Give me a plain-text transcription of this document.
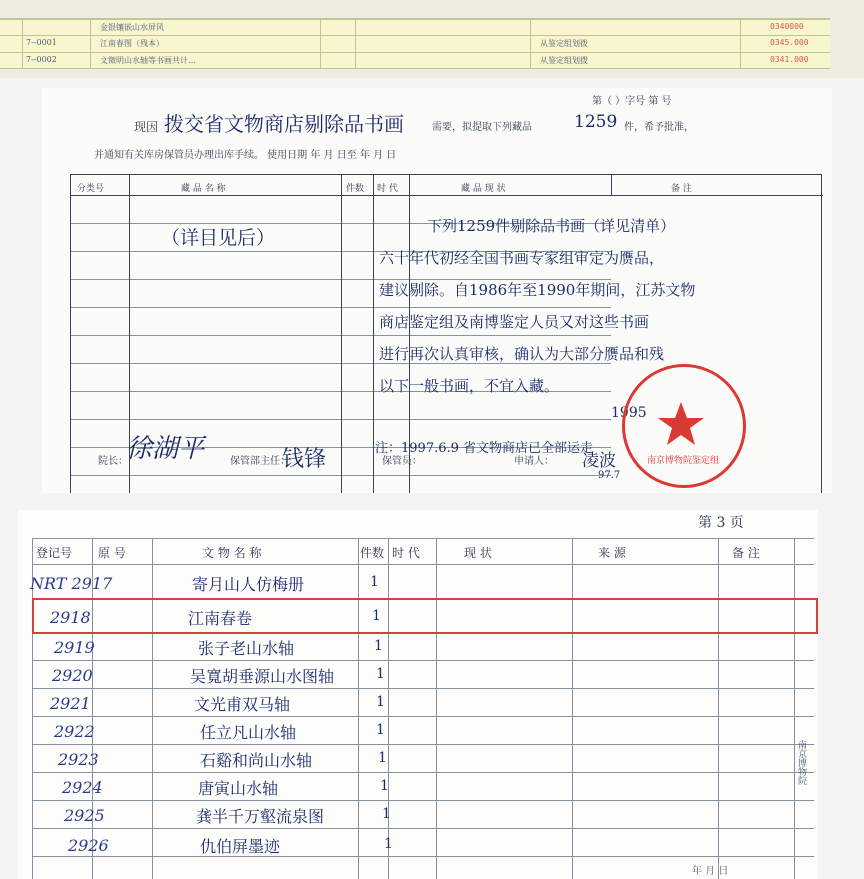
金银镶嵌山水屏风	0340000
7--0001	江南春图（残本）	从鉴定组划拨	0345.000
7--0002	文徵明山水轴等书画共计…	从鉴定组划拨	0341.000
第（ ）字号 第 号
现因 拨交省文物商店剔除品书画	需要，拟提取下列藏品 1259 件，希予批准，
并通知有关库房保管员办理出库手续。 使用日期 年 月 日至 年 月 日
分类号	藏 品 名 称	件数 时 代	藏 品 现 状	备 注
（详目见后）
下列1259件剔除品书画（详见清单）
六十年代初经全国书画专家组审定为赝品，
建议剔除。自1986年至1990年期间，江苏文物
商店鉴定组及南博鉴定人员又对这些书画
进行再次认真审核，确认为大部分赝品和残
以下一般书画，不宜入藏。
1995
注：1997.6.9 省文物商店已全部运走
院长：
徐湖平	保管部主任：
钱锋	保管员：	申请人： 凌波
97.7
南京博物院鉴定组
第 3 页
登记号 原 号	文 物 名 称	件数 时 代	现 状	来 源	备 注
NRT 2917	寄月山人仿梅册	1
2918	江南春卷	1
2919	张子老山水轴	1
2920	吴寬胡垂源山水图轴	1
2921	文光甫双马轴	1
2922	任立凡山水轴	1
2923	石谿和尚山水轴	1
2924	唐寅山水轴	1
2925	龚半千万壑流泉图	1
2926	仇伯屏墨迹	1
年 月 日
南京博物院
